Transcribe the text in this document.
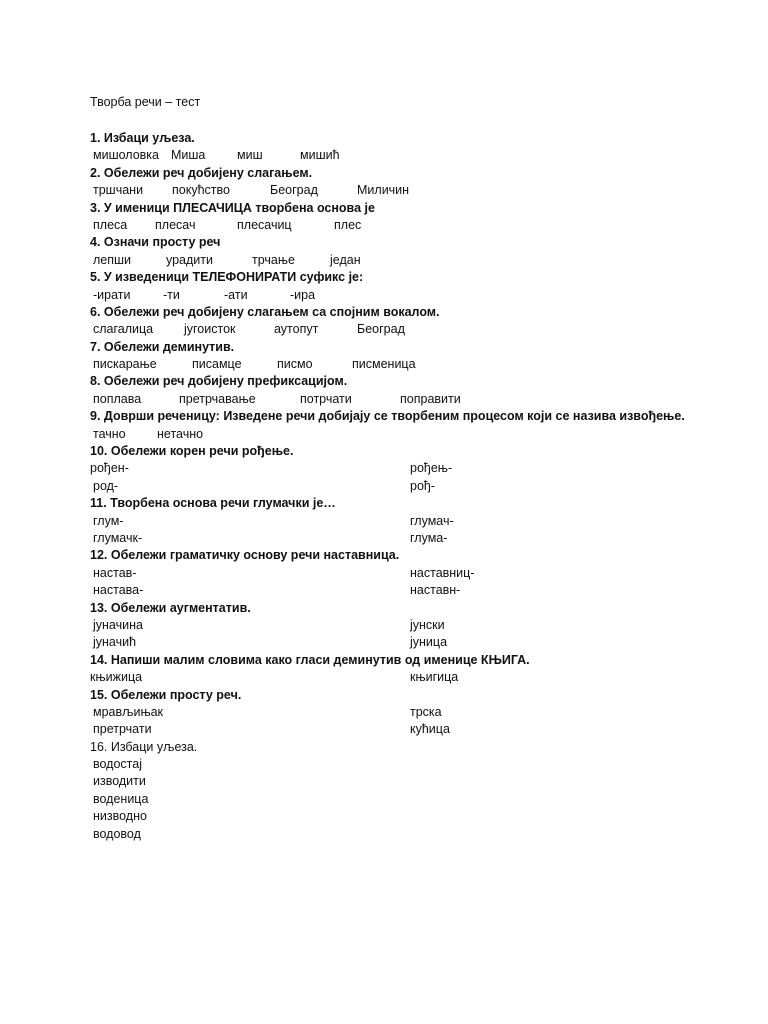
Творба речи – тест
1. Избаци уљеза.
мишоловка Миша	миш	мишић
2. Обележи реч добијену слагањем.
тршчани покућство	Београд	Миличин
3. У именици ПЛЕСАЧИЦА творбена основа је
плеса плесач	плесачиц	плес
4. Означи просту реч
лепши	урадити	трчање	један
5. У изведеници ТЕЛЕФОНИРАТИ суфикс је:
-ирати	-ти	-ати	-ира
6. Обележи реч добијену слагањем са спојним вокалом.
слагалица југоисток	аутопут	Београд
7. Обележи деминутив.
пискарање	писамце	писмо	писменица
8. Обележи реч добијену префиксацијом.
поплава	претрчавање	потрчати	поправити
9. Доврши реченицу: Изведене речи добијају се творбеним процесом који се назива извођење.
тачно	нетачно
10. Обележи корен речи рођење.
рођен-	рођењ-
род-	рођ-
11. Творбена основа речи глумачки је…
глум-	глумач-
глумачк-	глума-
12. Обележи граматичку основу речи наставница.
настав-	наставниц-
настава-	наставн-
13. Обележи аугментатив.
јуначина	јунски
јуначић	јуница
14. Напиши малим словима како гласи деминутив од именице КЊИГА.
књижица	књигица
15. Обележи просту реч.
мрављињак	трска
претрчати	кућица
16. Избаци уљеза.
водостај
изводити
воденица
низводно
водовод
